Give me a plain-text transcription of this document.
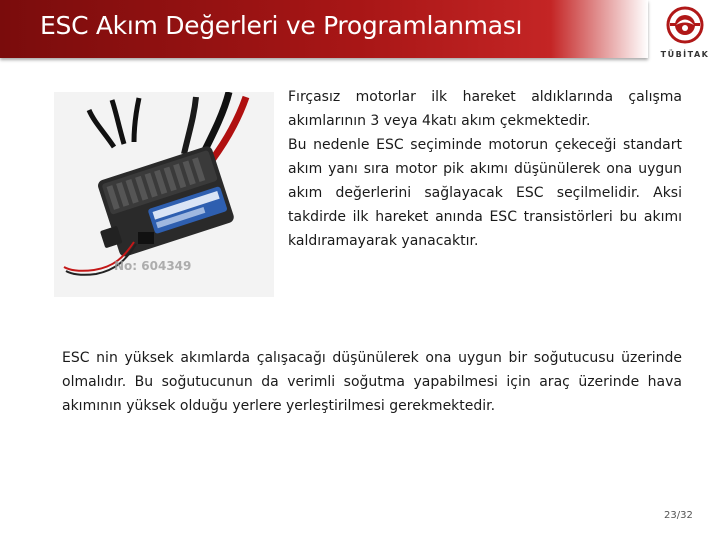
ESC Akım Değerleri ve Programlanması
TÜBİTAK
No: 604349

Fırçasız motorlar ilk hareket aldıklarında çalışma akımlarının 3 veya 4katı akım çekmektedir.

Bu nedenle ESC seçiminde motorun çekeceği standart akım yanı sıra motor pik akımı düşünülerek ona uygun akım değerlerini sağlayacak ESC seçilmelidir. Aksi takdirde ilk hareket anında ESC transistörleri bu akımı kaldıramayarak yanacaktır.

ESC nin yüksek akımlarda çalışacağı düşünülerek ona uygun bir soğutucusu üzerinde olmalıdır. Bu soğutucunun da verimli soğutma yapabilmesi için araç üzerinde hava akımının yüksek olduğu yerlere yerleştirilmesi gerekmektedir.

23/32
